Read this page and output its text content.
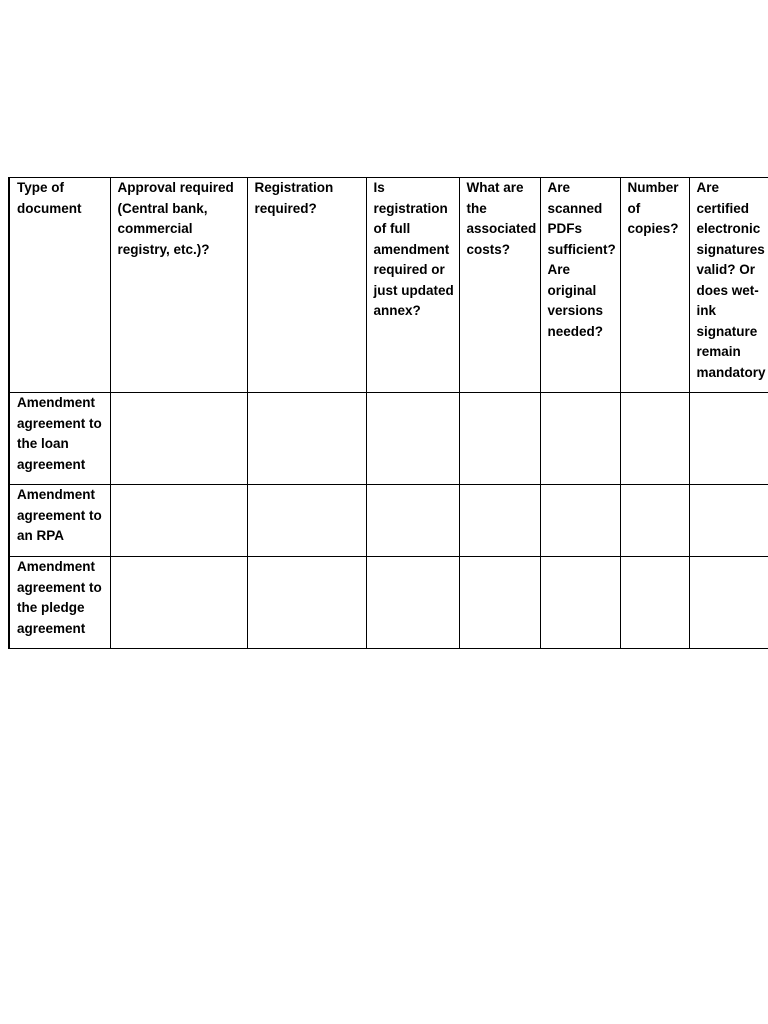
Type of document	Approval required (Central bank, commercial registry, etc.)?	Registration required?	Is registration of full amendment required or just updated annex?	What are the associated costs?	Are scanned PDFs sufficient? Are original versions needed?	Number of copies?	Are certified electronic signatures valid? Or does wet-ink signature remain mandatory

Amendment agreement to the loan agreement							

Amendment agreement to an RPA							

Amendment agreement to the pledge agreement							
